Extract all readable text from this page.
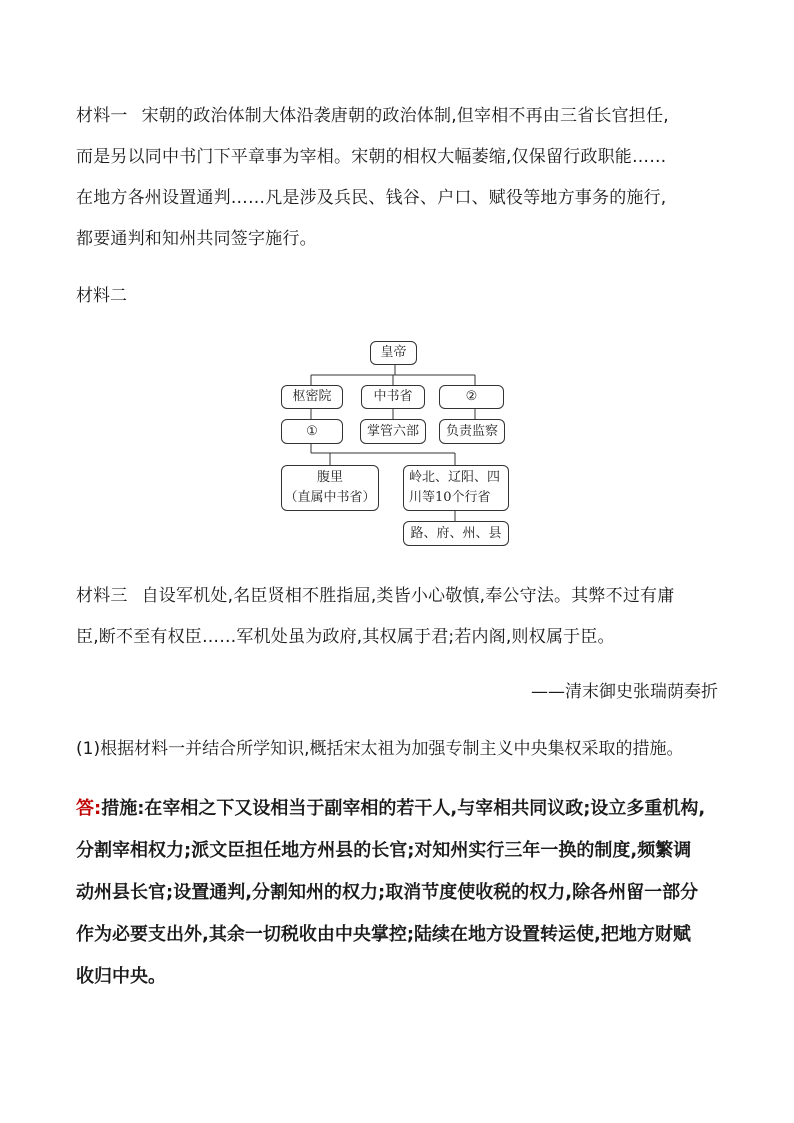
材料一 宋朝的政治体制大体沿袭唐朝的政治体制,但宰相不再由三省长官担任,
而是另以同中书门下平章事为宰相。宋朝的相权大幅萎缩,仅保留行政职能……
在地方各州设置通判……凡是涉及兵民、钱谷、户口、赋役等地方事务的施行,
都要通判和知州共同签字施行。

材料二

皇帝
枢密院	中书省	②
①	掌管六部	负责监察
腹里
（直属中书省）
岭北、辽阳、四
川等10个行省
路、府、州、县

材料三 自设军机处,名臣贤相不胜指屈,类皆小心敬慎,奉公守法。其弊不过有庸
臣,断不至有权臣……军机处虽为政府,其权属于君;若内阁,则权属于臣。

——清末御史张瑞荫奏折

(1)根据材料一并结合所学知识,概括宋太祖为加强专制主义中央集权采取的措施。

答:措施:在宰相之下又设相当于副宰相的若干人,与宰相共同议政;设立多重机构,
分割宰相权力;派文臣担任地方州县的长官;对知州实行三年一换的制度,频繁调
动州县长官;设置通判,分割知州的权力;取消节度使收税的权力,除各州留一部分
作为必要支出外,其余一切税收由中央掌控;陆续在地方设置转运使,把地方财赋
收归中央。
